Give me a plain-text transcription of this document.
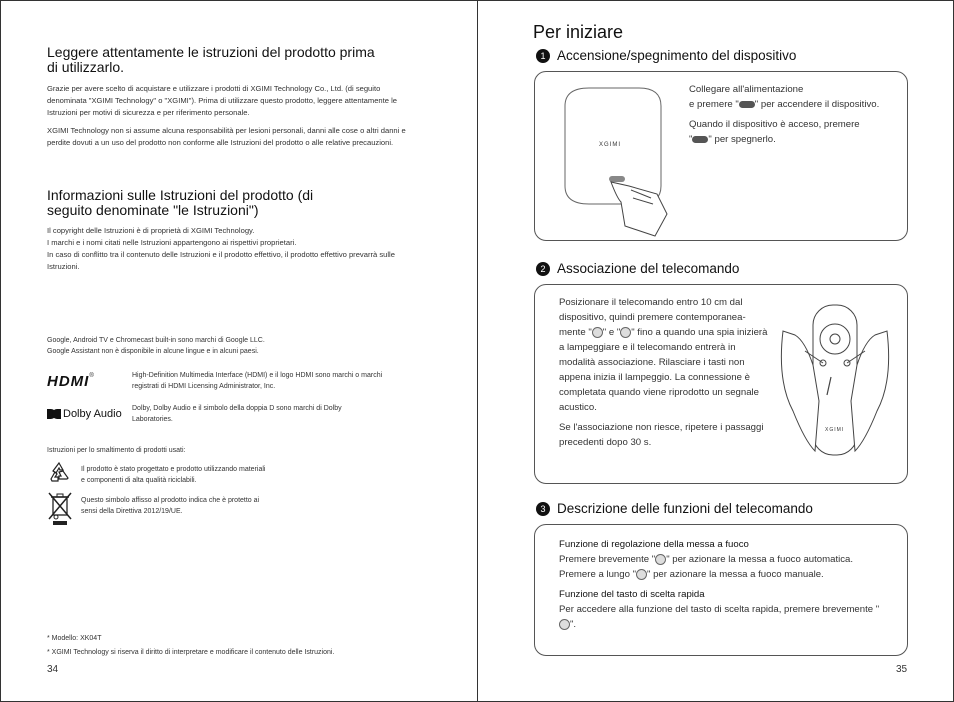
Leggere attentamente le istruzioni del prodotto prima di utilizzarlo.

Grazie per avere scelto di acquistare e utilizzare i prodotti di XGIMI Technology Co., Ltd. (di seguito denominata "XGIMI Technology" o "XGIMI"). Prima di utilizzare questo prodotto, leggere attentamente le Istruzioni per motivi di sicurezza e per riferimento personale.

XGIMI Technology non si assume alcuna responsabilità per lesioni personali, danni alle cose o altri danni e perdite dovuti a un uso del prodotto non conforme alle Istruzioni del prodotto o alle relative precauzioni.

Informazioni sulle Istruzioni del prodotto (di seguito denominate "le Istruzioni")

Il copyright delle Istruzioni è di proprietà di XGIMI Technology.

I marchi e i nomi citati nelle Istruzioni appartengono ai rispettivi proprietari.

In caso di conflitto tra il contenuto delle Istruzioni e il prodotto effettivo, il prodotto effettivo prevarrà sulle Istruzioni.

Google, Android TV e Chromecast built-in sono marchi di Google LLC.

Google Assistant non è disponibile in alcune lingue e in alcuni paesi.

HDMI®	High-Definition Multimedia Interface (HDMI) e il logo HDMI sono marchi o marchi registrati di HDMI Licensing Administrator, Inc.
Dolby Audio Dolby, Dolby Audio e il simbolo della doppia D sono marchi di Dolby Laboratories.
Istruzioni per lo smaltimento di prodotti usati:
Il prodotto è stato progettato e prodotto utilizzando materiali e componenti di alta qualità riciclabili.
Questo simbolo affisso al prodotto indica che è protetto ai sensi della Direttiva 2012/19/UE.

* Modello: XK04T

* XGIMI Technology si riserva il diritto di interpretare e modificare il contenuto delle Istruzioni.

34
Per iniziare
1 Accensione/spegnimento del dispositivo
XGIMI

Collegare all'alimentazione
e premere " " per accendere il dispositivo.

Quando il dispositivo è acceso, premere
" " per spegnerlo.

2 Associazione del telecomando

Posizionare il telecomando entro 10 cm dal dispositivo, quindi premere contemporanea-mente " " e " " fino a quando una spia inizierà a lampeggiare e il telecomando entrerà in modalità associazione. Rilasciare i tasti non appena inizia il lampeggio. La connessione è completata quando viene riprodotto un segnale acustico.

Se l'associazione non riesce, ripetere i passaggi precedenti dopo 30 s.

XGIMI
3 Descrizione delle funzioni del telecomando
Funzione di regolazione della messa a fuoco
Premere brevemente " " per azionare la messa a fuoco automatica.
Premere a lungo " " per azionare la messa a fuoco manuale.
Funzione del tasto di scelta rapida
Per accedere alla funzione del tasto di scelta rapida, premere brevemente "".
35
